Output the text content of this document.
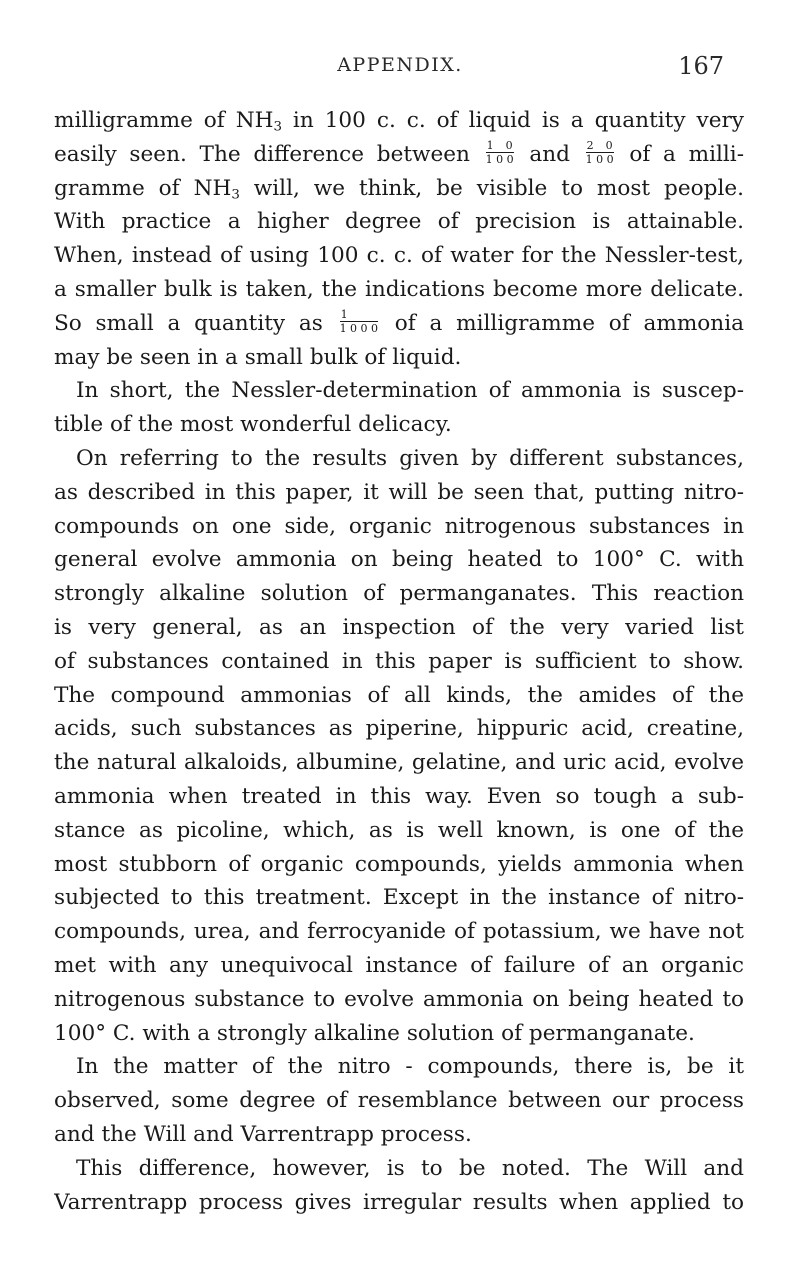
APPENDIX.	167
milligramme of $NH_3$ in 100 c. c. of liquid is a quantity very
easily seen. The difference between $\frac{1 0}{1 0 0}$ and $\frac{2 0}{1 0 0}$ of a milli-
gramme of $NH_3$ will, we think, be visible to most people.
With practice a higher degree of precision is attainable.
When, instead of using 100 c. c. of water for the Nessler-test,
a smaller bulk is taken, the indications become more delicate.
So small a quantity as $\frac{1}{1 0 0 0}$ of a milligramme of ammonia
may be seen in a small bulk of liquid.
In short, the Nessler-determination of ammonia is suscep-
tible of the most wonderful delicacy.
On referring to the results given by different substances,
as described in this paper, it will be seen that, putting nitro-
compounds on one side, organic nitrogenous substances in
general evolve ammonia on being heated to 100° C. with
strongly alkaline solution of permanganates. This reaction
is very general, as an inspection of the very varied list
of substances contained in this paper is sufficient to show.
The compound ammonias of all kinds, the amides of the
acids, such substances as piperine, hippuric acid, creatine,
the natural alkaloids, albumine, gelatine, and uric acid, evolve
ammonia when treated in this way. Even so tough a sub-
stance as picoline, which, as is well known, is one of the
most stubborn of organic compounds, yields ammonia when
subjected to this treatment. Except in the instance of nitro-
compounds, urea, and ferrocyanide of potassium, we have not
met with any unequivocal instance of failure of an organic
nitrogenous substance to evolve ammonia on being heated to
100° C. with a strongly alkaline solution of permanganate.
In the matter of the nitro - compounds, there is, be it
observed, some degree of resemblance between our process
and the Will and Varrentrapp process.
This difference, however, is to be noted. The Will and
Varrentrapp process gives irregular results when applied to
